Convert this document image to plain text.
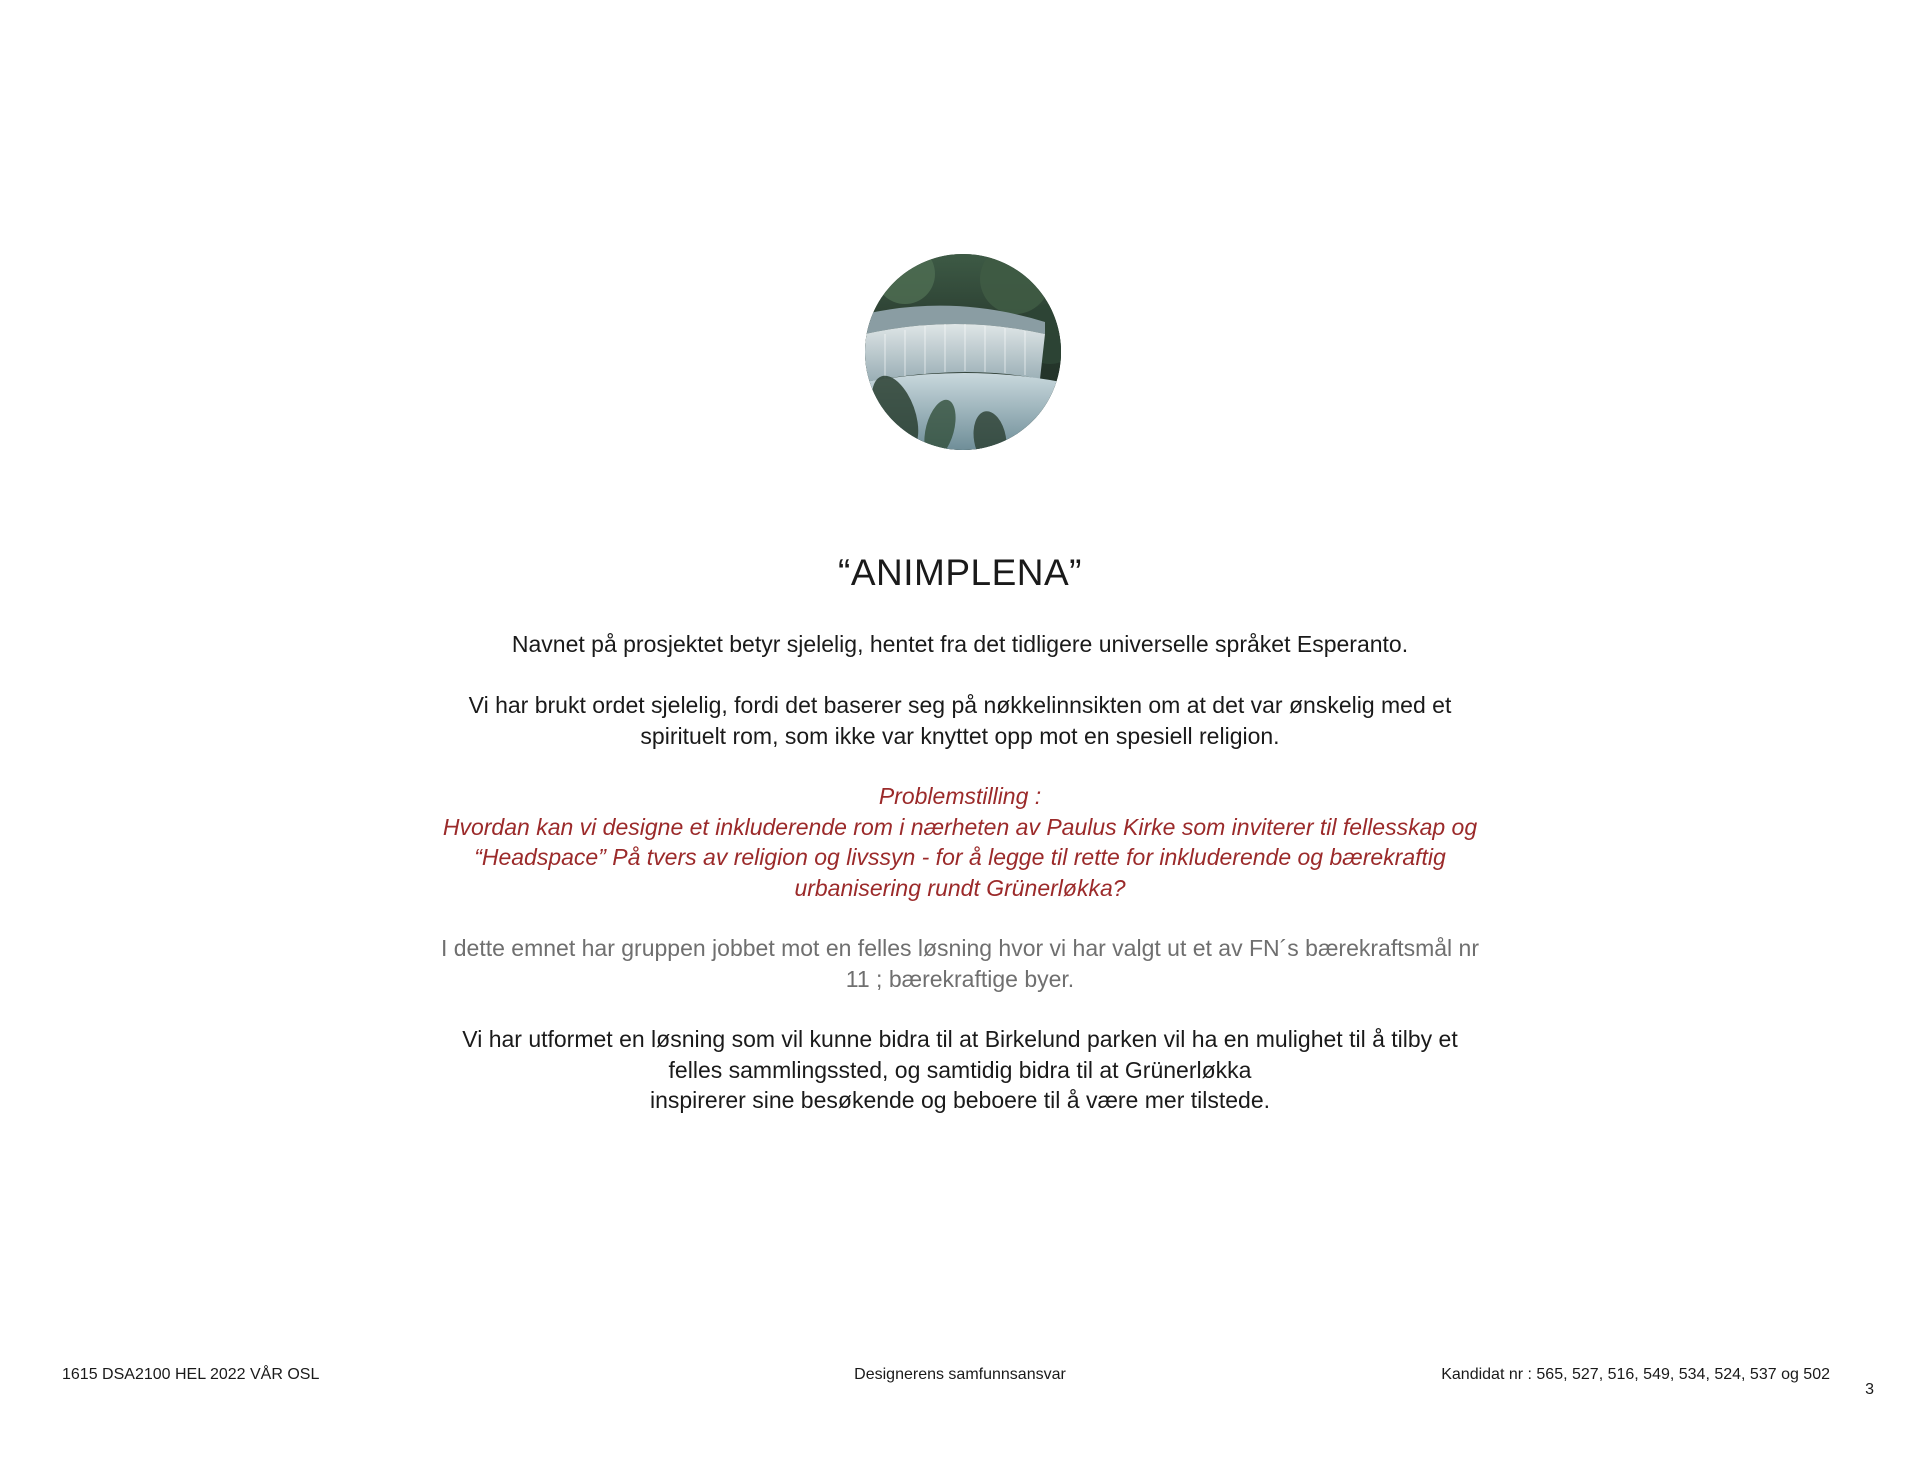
“ANIMPLENA”

Navnet på prosjektet betyr sjelelig, hentet fra det tidligere universelle språket Esperanto.

Vi har brukt ordet sjelelig, fordi det baserer seg på nøkkelinnsikten om at det var ønskelig med et
spirituelt rom, som ikke var knyttet opp mot en spesiell religion.

Problemstilling :
Hvordan kan vi designe et inkluderende rom i nærheten av Paulus Kirke som inviterer til fellesskap og
“Headspace” På tvers av religion og livssyn - for å legge til rette for inkluderende og bærekraftig
urbanisering rundt Grünerløkka?

I dette emnet har gruppen jobbet mot en felles løsning hvor vi har valgt ut et av FN´s bærekraftsmål nr
11 ; bærekraftige byer.

Vi har utformet en løsning som vil kunne bidra til at Birkelund parken vil ha en mulighet til å tilby et
felles sammlingssted, og samtidig bidra til at Grünerløkka
inspirerer sine besøkende og beboere til å være mer tilstede.

1615 DSA2100 HEL 2022 VÅR OSL	Designerens samfunnsansvar	Kandidat nr : 565, 527, 516, 549, 534, 524, 537 og 502
3
